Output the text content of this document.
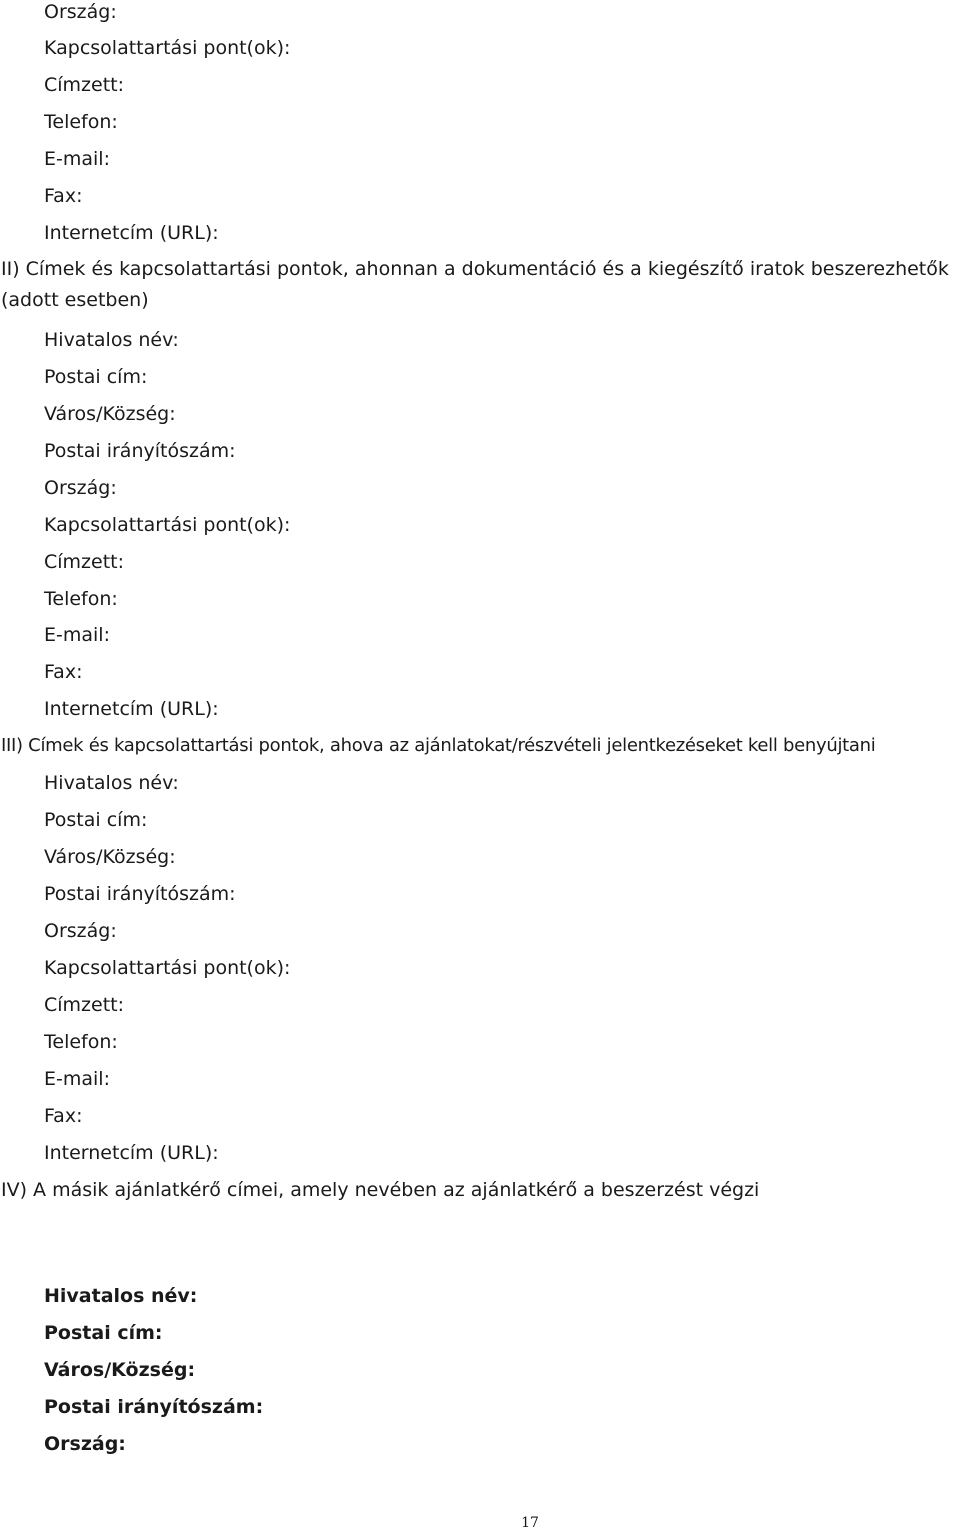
Ország:
Kapcsolattartási pont(ok):
Címzett:
Telefon:
E-mail:
Fax:
Internetcím (URL):
II) Címek és kapcsolattartási pontok, ahonnan a dokumentáció és a kiegészítő iratok beszerezhetők (adott esetben)
Hivatalos név:
Postai cím:
Város/Község:
Postai irányítószám:
Ország:
Kapcsolattartási pont(ok):
Címzett:
Telefon:
E-mail:
Fax:
Internetcím (URL):
III) Címek és kapcsolattartási pontok, ahova az ajánlatokat/részvételi jelentkezéseket kell benyújtani
Hivatalos név:
Postai cím:
Város/Község:
Postai irányítószám:
Ország:
Kapcsolattartási pont(ok):
Címzett:
Telefon:
E-mail:
Fax:
Internetcím (URL):
IV) A másik ajánlatkérő címei, amely nevében az ajánlatkérő a beszerzést végzi
Hivatalos név:
Postai cím:
Város/Község:
Postai irányítószám:
Ország:
17
